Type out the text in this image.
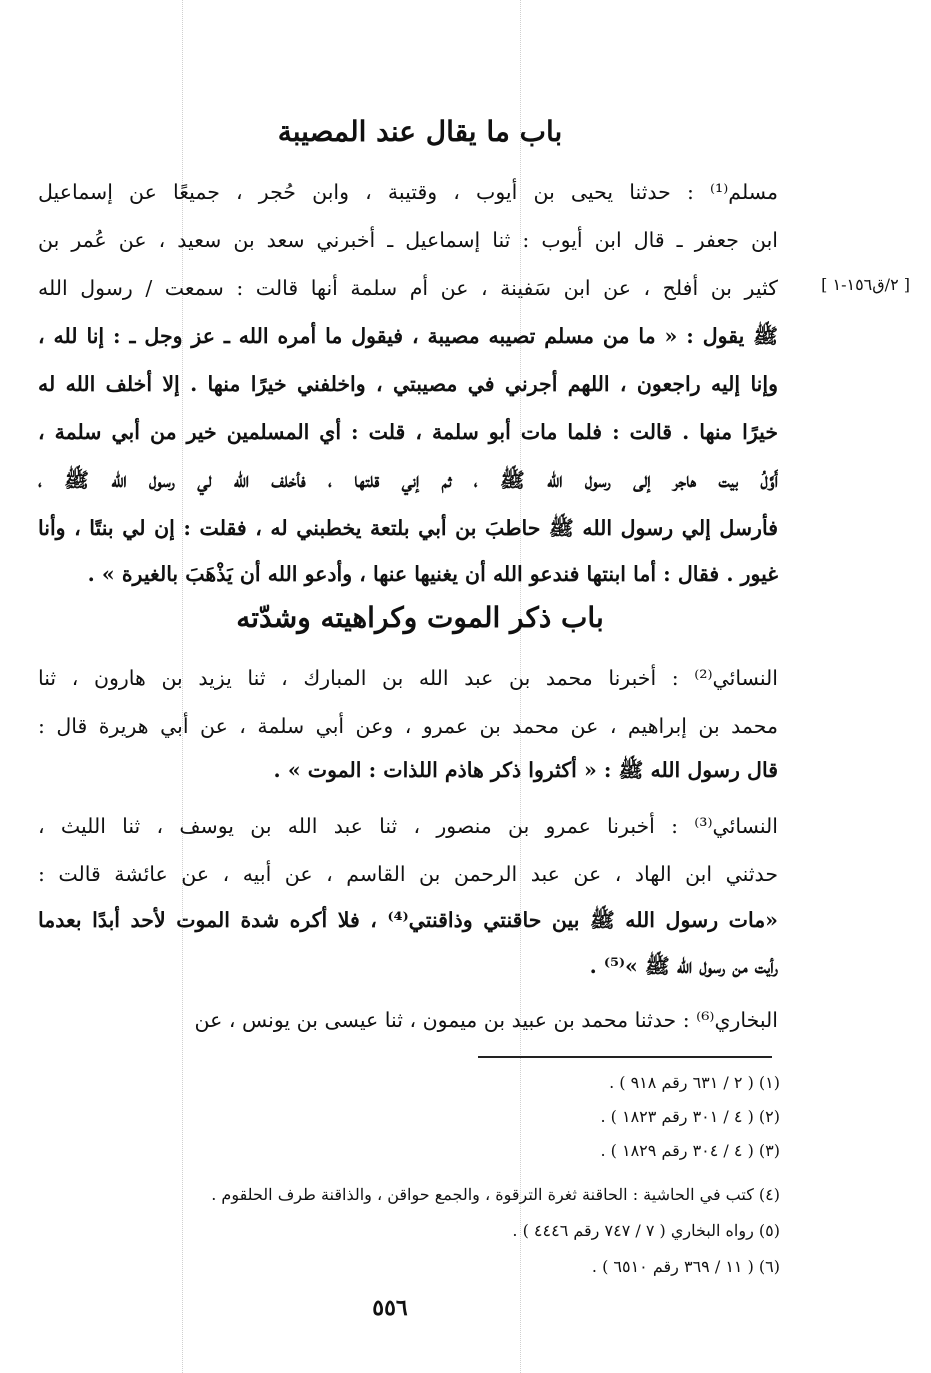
باب ما يقال عند المصيبة
مسلم⁽¹⁾ : حدثنا يحيى بن أيوب ، وقتيبة ، وابن حُجر ، جميعًا عن إسماعيل
ابن جعفر ـ قال ابن أيوب : ثنا إسماعيل ـ أخبرني سعد بن سعيد ، عن عُمر بن
كثير بن أفلح ، عن ابن سَفينة ، عن أم سلمة أنها قالت : سمعت / رسول الله
ﷺ يقول : « ما من مسلم تصيبه مصيبة ، فيقول ما أمره الله ـ عز وجل ـ : إنا لله ،
وإنا إليه راجعون ، اللهم أجرني في مصيبتي ، واخلفني خيرًا منها . إلا أخلف الله له
خيرًا منها . قالت : فلما مات أبو سلمة ، قلت : أي المسلمين خير من أبي سلمة ،
أَوَّلُ بيت هاجر إلى رسول الله ﷺ ، ثم إني قلتها ، فأخلف الله لي رسول الله ﷺ ،
فأرسل إلي رسول الله ﷺ حاطبَ بن أبي بلتعة يخطبني له ، فقلت : إن لي بنتًا ، وأنا
غيور . فقال : أما ابنتها فندعو الله أن يغنيها عنها ، وأدعو الله أن يَذْهَبَ بالغيرة » .
[ ٢/ق١٥٦-١ ]
باب ذكر الموت وكراهيته وشدّته
النسائي⁽²⁾ : أخبرنا محمد بن عبد الله بن المبارك ، ثنا يزيد بن هارون ، ثنا
محمد بن إبراهيم ، عن محمد بن عمرو ، وعن أبي سلمة ، عن أبي هريرة قال :
قال رسول الله ﷺ : « أكثروا ذكر هاذم اللذات : الموت » .
النسائي⁽³⁾ : أخبرنا عمرو بن منصور ، ثنا عبد الله بن يوسف ، ثنا الليث ،
حدثني ابن الهاد ، عن عبد الرحمن بن القاسم ، عن أبيه ، عن عائشة قالت :
«مات رسول الله ﷺ بين حاقنتي وذاقنتي⁽⁴⁾ ، فلا أكره شدة الموت لأحد أبدًا بعدما
رأيت من رسول الله ﷺ »⁽⁵⁾ .
البخاري⁽⁶⁾ : حدثنا محمد بن عبيد بن ميمون ، ثنا عيسى بن يونس ، عن
(١) ( ٢ / ٦٣١ رقم ٩١٨ ) .
(٢) ( ٤ / ٣٠١ رقم ١٨٢٣ ) .
(٣) ( ٤ / ٣٠٤ رقم ١٨٢٩ ) .
(٤) كتب في الحاشية : الحاقنة ثغرة الترقوة ، والجمع حواقن ، والذاقنة طرف الحلقوم .
(٥) رواه البخاري ( ٧ / ٧٤٧ رقم ٤٤٤٦ ) .
(٦) ( ١١ / ٣٦٩ رقم ٦٥١٠ ) .
٥٥٦
